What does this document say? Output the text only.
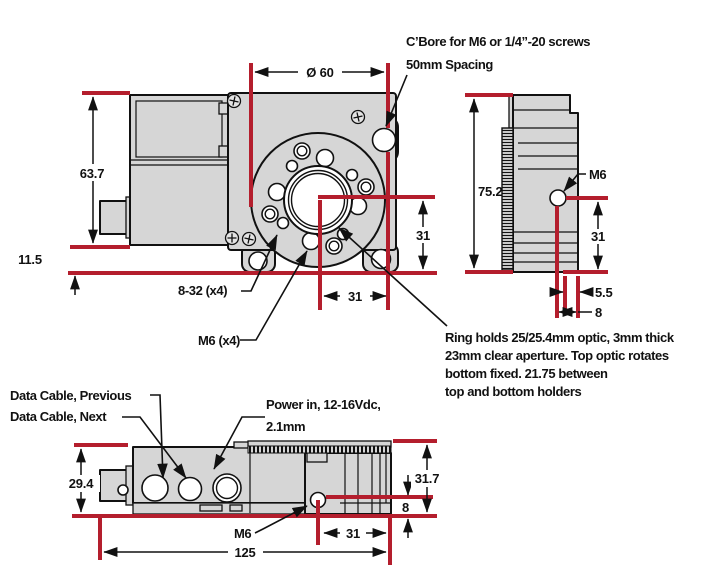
63.7
11.5
Ø 60
31
31
C’Bore for M6 or 1/4”-20 screws
50mm Spacing
8-32 (x4)
M6 (x4)
75.2
31
5.5
8
M6
29.4
125
31
31.7
8
Data Cable, Previous
Data Cable, Next
Power in, 12-16Vdc,
2.1mm
M6
Ring holds 25/25.4mm optic, 3mm thick
23mm clear aperture. Top optic rotates
bottom fixed. 21.75 between
top and bottom holders
